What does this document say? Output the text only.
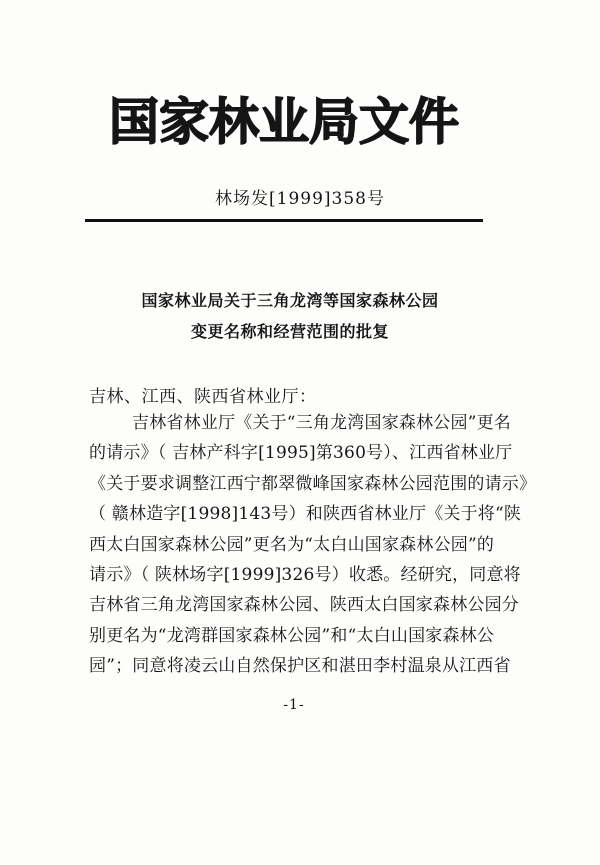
国家林业局文件
林场发[1999]358号
国家林业局关于三角龙湾等国家森林公园
变更名称和经营范围的批复
吉林、江西、陕西省林业厅：
吉林省林业厅《关于“三角龙湾国家森林公园”更名
的请示》（ 吉林产科字[1995]第360号）、江西省林业厅
《关于要求调整江西宁都翠微峰国家森林公园范围的请示》
（ 赣林造字[1998]143号）和陕西省林业厅《关于将“陕
西太白国家森林公园”更名为“太白山国家森林公园”的
请示》（ 陕林场字[1999]326号）收悉。经研究，同意将
吉林省三角龙湾国家森林公园、陕西太白国家森林公园分
别更名为“龙湾群国家森林公园”和“太白山国家森林公
园”；同意将凌云山自然保护区和湛田李村温泉从江西省
-1-
